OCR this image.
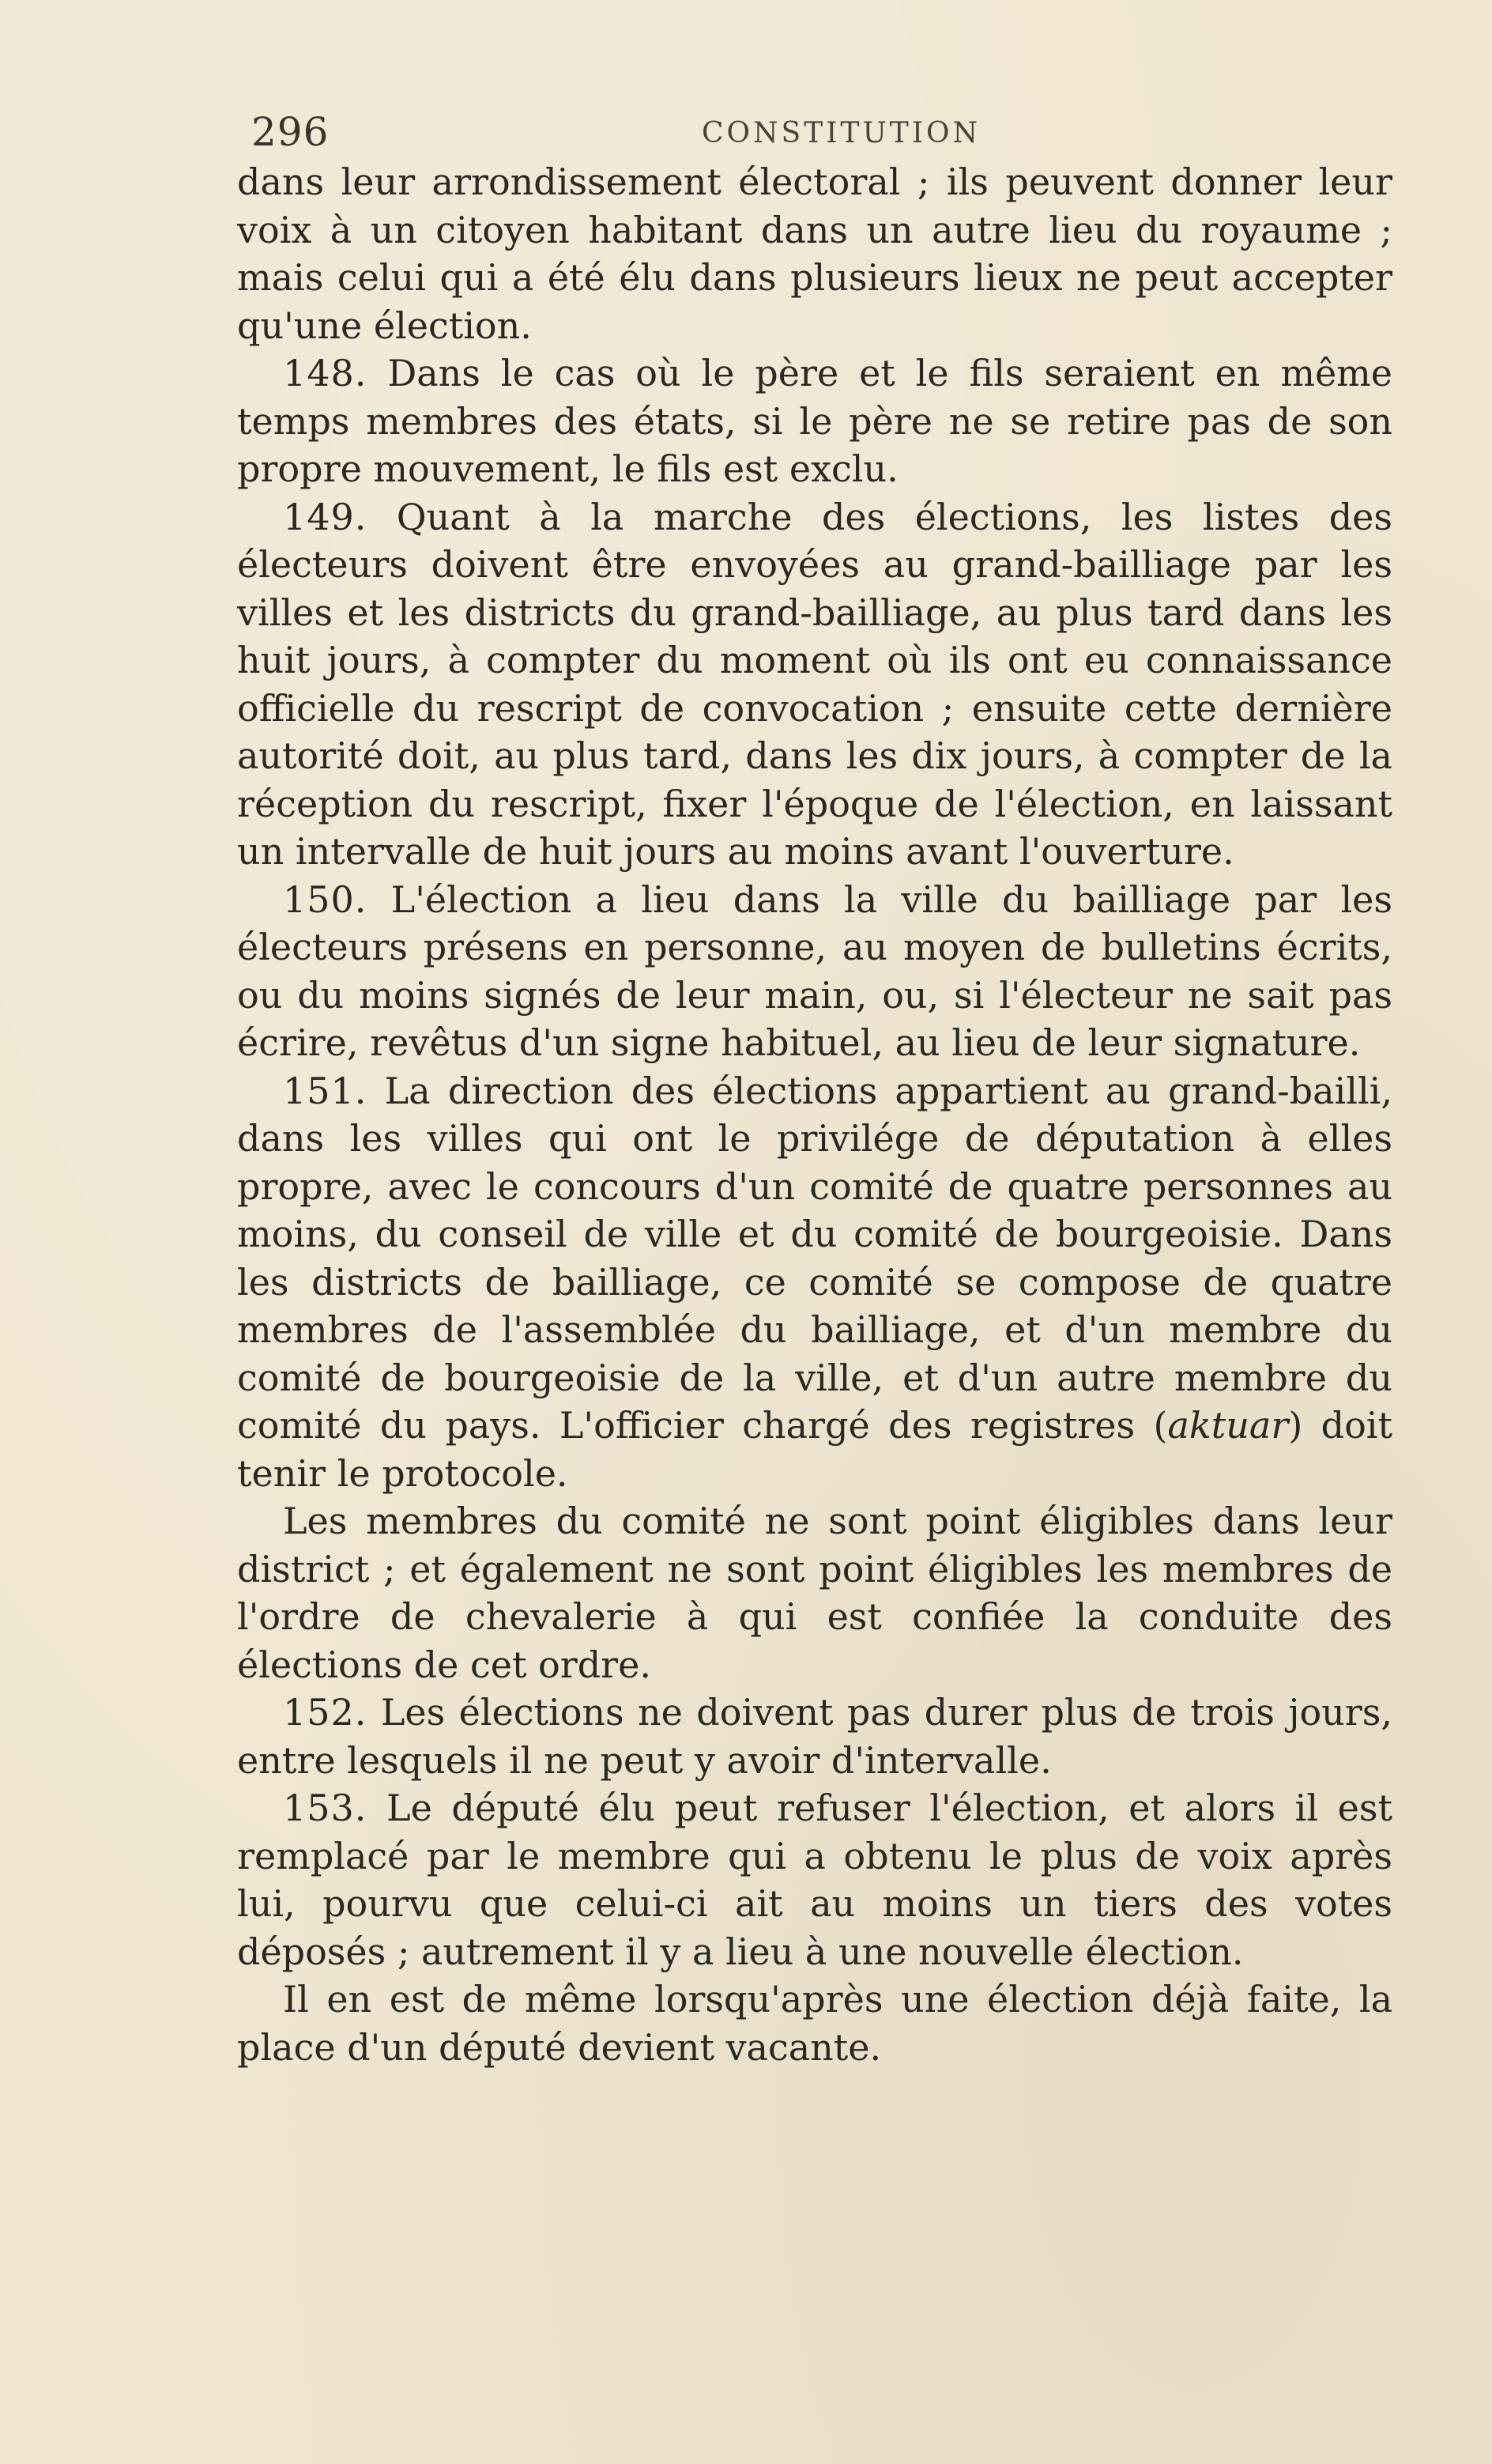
296	CONSTITUTION

dans leur arrondissement électoral ; ils peuvent donner leur voix à un citoyen habitant dans un autre lieu du royaume ; mais celui qui a été élu dans plusieurs lieux ne peut accepter qu'une élection.

148. Dans le cas où le père et le fils seraient en même temps membres des états, si le père ne se retire pas de son propre mouvement, le fils est exclu.

149. Quant à la marche des élections, les listes des électeurs doivent être envoyées au grand-bailliage par les villes et les districts du grand-bailliage, au plus tard dans les huit jours, à compter du moment où ils ont eu connaissance officielle du rescript de convocation ; ensuite cette dernière autorité doit, au plus tard, dans les dix jours, à compter de la réception du rescript, fixer l'époque de l'élection, en laissant un intervalle de huit jours au moins avant l'ouverture.

150. L'élection a lieu dans la ville du bailliage par les électeurs présens en personne, au moyen de bulletins écrits, ou du moins signés de leur main, ou, si l'électeur ne sait pas écrire, revêtus d'un signe habituel, au lieu de leur signature.

151. La direction des élections appartient au grand-bailli, dans les villes qui ont le privilége de députation à elles propre, avec le concours d'un comité de quatre personnes au moins, du conseil de ville et du comité de bourgeoisie. Dans les districts de bailliage, ce comité se compose de quatre membres de l'assemblée du bailliage, et d'un membre du comité de bourgeoisie de la ville, et d'un autre membre du comité du pays. L'officier chargé des registres (aktuar) doit tenir le protocole.

Les membres du comité ne sont point éligibles dans leur district ; et également ne sont point éligibles les membres de l'ordre de chevalerie à qui est confiée la conduite des élections de cet ordre.

152. Les élections ne doivent pas durer plus de trois jours, entre lesquels il ne peut y avoir d'intervalle.

153. Le député élu peut refuser l'élection, et alors il est remplacé par le membre qui a obtenu le plus de voix après lui, pourvu que celui-ci ait au moins un tiers des votes déposés ; autrement il y a lieu à une nouvelle élection.

Il en est de même lorsqu'après une élection déjà faite, la place d'un député devient vacante.
